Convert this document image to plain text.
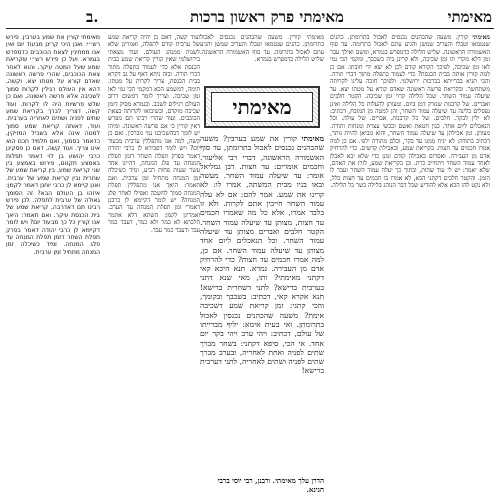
ב.	מאימתי פרק ראשון ברכות	מאימתי

מאימתי קורין את שמע בערבין. פירש רש״י: ואנן היכי קרינן מבעוד יום ואין אנו ממתינין לצאת הכוכבים כדמפרש בגמרא. ועל כן פירש רש״י שקריאת שמע שעל המטה עיקר, והוא לאחר צאת הכוכבים, שהרי פרשה ראשונה שאדם קורא על מטתו יצא. וקשה, דהא אין העולם רגילין לקרות סמוך לשכיבה אלא פרשה ראשונה, ואם כן שלש פרשיות היה לו לקרות. ועוד קשה, דצריך לברך בקריאת שמע שתים לפניה ושתים לאחריה בערבית. ועוד, דאותה קריאת שמע סמוך למטה אינה אלא בשביל המזיקין, כדאמר בסמוך, ואם תלמיד חכם הוא אינו צריך. ועוד קשה, דאם כן פסקינן כרבי יהושע בן לוי דאמר תפלות באמצע תקנום, פירוש באמצע בין שני קריאת שמע, בין קריאת שמע של שחרית ובין קריאת שמע של ערבית. ואנן קיימא לן כרבי יוחנן דאמר לקמן: איזהו בן העולם הבא? זה הסומך גאולה של ערבית לתפלה. לכן פירש רבינו תם דאדרבה, קריאת שמע של בית הכנסת עיקר. ואם תאמר: היאך אנו קורין כל כך מבעוד יום? ויש לומר דקיימא לן כרבי יהודה דאמר בפרק תפלת השחר דזמן תפלת המנחה עד פלג המנחה. ומיד כשיכלה זמן המנחה מתחיל זמן ערבית.

ועוד קשה, דאם כן יהיה קריאת שמע של ערבית קודם לתפלה, ואמרינן שלא לשנות ממנהג העולם. ועוד מצאתי בירושלמי שאין קורין קריאת שמע בבית הכנסת אלא כדי לעמוד בתפלה מתוך דברי תורה. ובזה ניחא דאף על גב דקרא בבית הכנסת, צריך לקרות על מטתו. תימה, דמשמע הכא דמקמי הכי נמי לאו זמן שכיבה. וצריך לומר דמשום דרוב העולם רגילים לשכב. ובגמרא מסיק דזמן שכיבה מוקדם. וכשיבואו לקרותה בצאת הכוכבים. ועוד שהרי רבינו תם מפרש דאין קורין כי אם פרשה ראשונה. ומיהו יש לומר דבהשכיבנו נמי מברכין. ואם כן קשה, למה אנו מתפללין ערבית מבעוד יום? ויש לומר דסבירא לן כרבי יהודה דאמר בפרק תפלת השחר דזמן תפלת המנחה עד פלג המנחה, דהיינו אחד עשר שעות פחות רביע, ומיד כשיכלה זמן המנחה מתחיל זמן ערבית. ואם תאמר: היאך אנו מתפללין תפלת המנחה סמוך לחשכה ואפילו לאחר פלג המנחה? יש לומר דקיימא לן כרבנן דאמרי זמן תפלת המנחה עד הערב. ואמרינן לקמן: השתא דלא אתמר הלכתא לא כמר ולא כמר, דעבד כמר עבד ודעבד כמר עבד.

מאימתי קורין. משעה שהכהנים נכנסים לאכול בתרומתן. כהנים שנטמאו וטבלו והעריב שמשן והגיע עתם לאכול בתרומה. עד סוף האשמורה הראשונה. שליש הלילה כדמפרש בגמרא, ומשם ואילך עבר זמן דלא מקרי תו זמן שכיבה, ולא קרינן ביה בשכבך, ומקמי הכי נמי לאו זמן שכיבה, לפיכך הקורא קודם לכן לא יצא ידי חובתו. אם כן למה קורין אותה בבית הכנסת? כדי לעמוד בתפלה מתוך דברי תורה. והכי תניא בברייתא בברכות ירושלמי. ולפיכך חובה עלינו לקרותה משתחשך. ובקריאת פרשה ראשונה שאדם קורא על מטתו יצא. עד שיעלה עמוד השחר. שכל הלילה קרוי זמן שכיבה. הקטר חלבים ואברים. של קרבנות שנזרק דמן ביום. ומצותן להעלות כל הלילה ואינן נפסלים בלינה עד שיעלה עמוד השחר, והן למטה מן המזבח, דכתיב: לא ילין לבקר. חלבים. של כל קרבנות. אברים. של עולה. וכל הנאכלים ליום אחד. כגון חטאת ואשם וכבשי עצרת ומנחות ותודה. מצותן. זמן אכילתן עד שיעלה עמוד השחר, והוא מביאן להיות נותר, דכתיב בתודה: לא יניח ממנו עד בקר, וכלם מתודה ילפי. אם כן למה אמרו חכמים עד חצות. בקריאת שמע, ובאכילת קדשים. כדי להרחיק אדם מן העבירה. ואסרום באכילה קודם זמנן כדי שלא יבא לאכלן לאחר עמוד השחר ויתחייב כרת. וכן בקריאת שמע, לזרז את האדם, שלא יאמר: יש לי עוד שהות, ובתוך כך יעלה עמוד השחר ועבר לו הזמן. והקטר חלבים דקתני הכא, לא אמרו בו חכמים עד חצות כלל, ולא נקט להו הכא אלא להודיע שכל דבר הנוהג בלילה כשר כל הלילה.

מאימתי קורין. משעה שהכהנים נכנסים לאכול בתרומתן. כהנים שנטמאו וטבלו והעריב שמשן והגיע עתם לאכול בתרומה. עד סוף האשמורה הראשונה. שליש הלילה כדמפרש בגמרא.

מאימתי

מאימתי קורין את שמע בערבין? משעה שהכהנים נכנסים לאכול בתרומתן, עד סוף האשמורה הראשונה, דברי רבי אליעזר. וחכמים אומרים: עד חצות. רבן גמליאל אומר: עד שיעלה עמוד השחר. מעשה ובאו בניו מבית המשתה, אמרו לו: לא קרינו את שמע. אמר להם: אם לא עלה עמוד השחר חייבין אתם לקרות. ולא זו בלבד אמרו, אלא כל מה שאמרו חכמים עד חצות, מצותן עד שיעלה עמוד השחר. הקטר חלבים ואברים מצותן עד שיעלה עמוד השחר. וכל הנאכלים ליום אחד מצותן עד שיעלה עמוד השחר. אם כן, למה אמרו חכמים עד חצות? כדי להרחיק אדם מן העבירה. גמרא. תנא היכא קאי דקתני מאימתי? ותו, מאי שנא דתני בערבית ברישא? לתני דשחרית ברישא! תנא אקרא קאי, דכתיב: בשכבך ובקומך, והכי קתני: זמן קריאת שמע דשכיבה אימת? משעה שהכהנים נכנסין לאכול בתרומתן. ואי בעית אימא: יליף מברייתו של עולם, דכתיב: ויהי ערב ויהי בקר יום אחד. אי הכי, סיפא דקתני: בשחר מברך שתים לפניה ואחת לאחריה, ובערב מברך שתים לפניה ושתים לאחריה, לתני דערבית ברישא!

הדרן עלך מאימתי. ורבנן, רבי יוסי ברבי חנינא.
